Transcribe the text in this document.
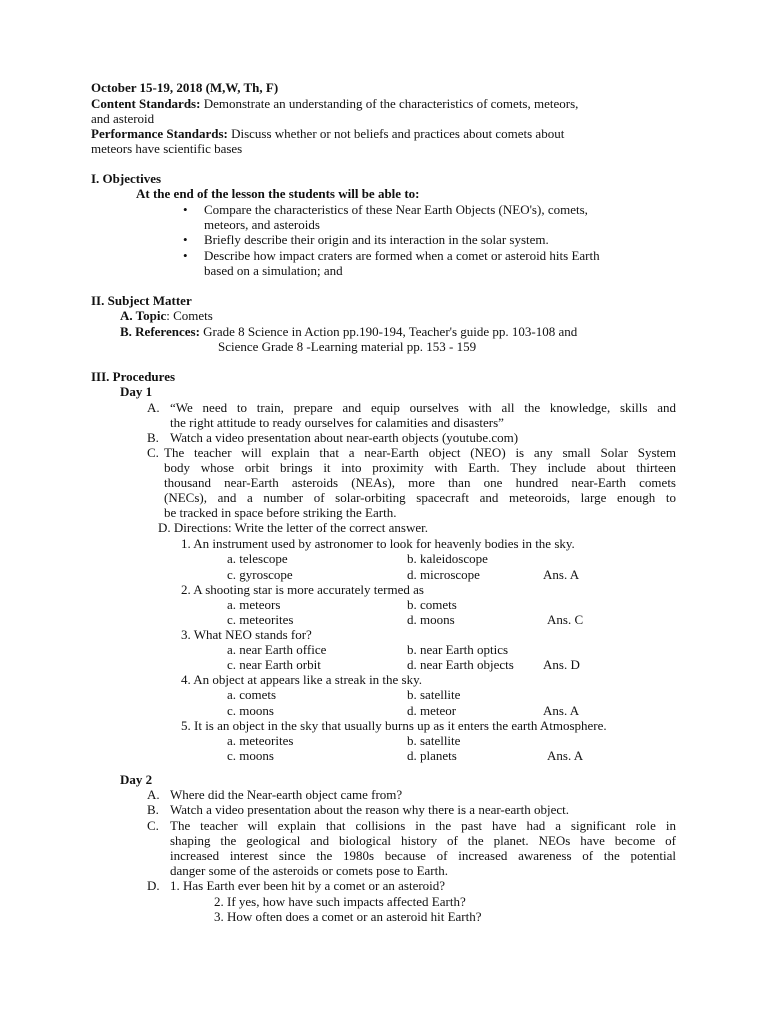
October 15-19, 2018 (M,W, Th, F)
Content Standards: Demonstrate an understanding of the characteristics of comets, meteors,
and asteroid
Performance Standards: Discuss whether or not beliefs and practices about comets about
meteors have scientific bases
I. Objectives
At the end of the lesson the students will be able to:
• Compare the characteristics of these Near Earth Objects (NEO's), comets,
meteors, and asteroids
• Briefly describe their origin and its interaction in the solar system.
• Describe how impact craters are formed when a comet or asteroid hits Earth
based on a simulation; and
II. Subject Matter
A. Topic: Comets
B. References: Grade 8 Science in Action pp.190-194, Teacher's guide pp. 103-108 and
Science Grade 8 -Learning material pp. 153 - 159
III. Procedures
Day 1
A. “We need to train, prepare and equip ourselves with all the knowledge, skills and
the right attitude to ready ourselves for calamities and disasters”
B. Watch a video presentation about near-earth objects (youtube.com)
C. The teacher will explain that a near-Earth object (NEO) is any small Solar System
body whose orbit brings it into proximity with Earth. They include about thirteen
thousand near-Earth asteroids (NEAs), more than one hundred near-Earth comets
(NECs), and a number of solar-orbiting spacecraft and meteoroids, large enough to
be tracked in space before striking the Earth.
D. Directions: Write the letter of the correct answer.
1. An instrument used by astronomer to look for heavenly bodies in the sky.
a. telescope	b. kaleidoscope
c. gyroscope	d. microscope	Ans. A
2. A shooting star is more accurately termed as
a. meteors	b. comets
c. meteorites	d. moons	Ans. C
3. What NEO stands for?
a. near Earth office	b. near Earth optics
c. near Earth orbit	d. near Earth objects Ans. D
4. An object at appears like a streak in the sky.
a. comets	b. satellite
c. moons	d. meteor	Ans. A
5. It is an object in the sky that usually burns up as it enters the earth Atmosphere.
a. meteorites	b. satellite
c. moons	d. planets	Ans. A
Day 2
A. Where did the Near-earth object came from?
B. Watch a video presentation about the reason why there is a near-earth object.
C. The teacher will explain that collisions in the past have had a significant role in
shaping the geological and biological history of the planet. NEOs have become of
increased interest since the 1980s because of increased awareness of the potential
danger some of the asteroids or comets pose to Earth.
D. 1. Has Earth ever been hit by a comet or an asteroid?
2. If yes, how have such impacts affected Earth?
3. How often does a comet or an asteroid hit Earth?
